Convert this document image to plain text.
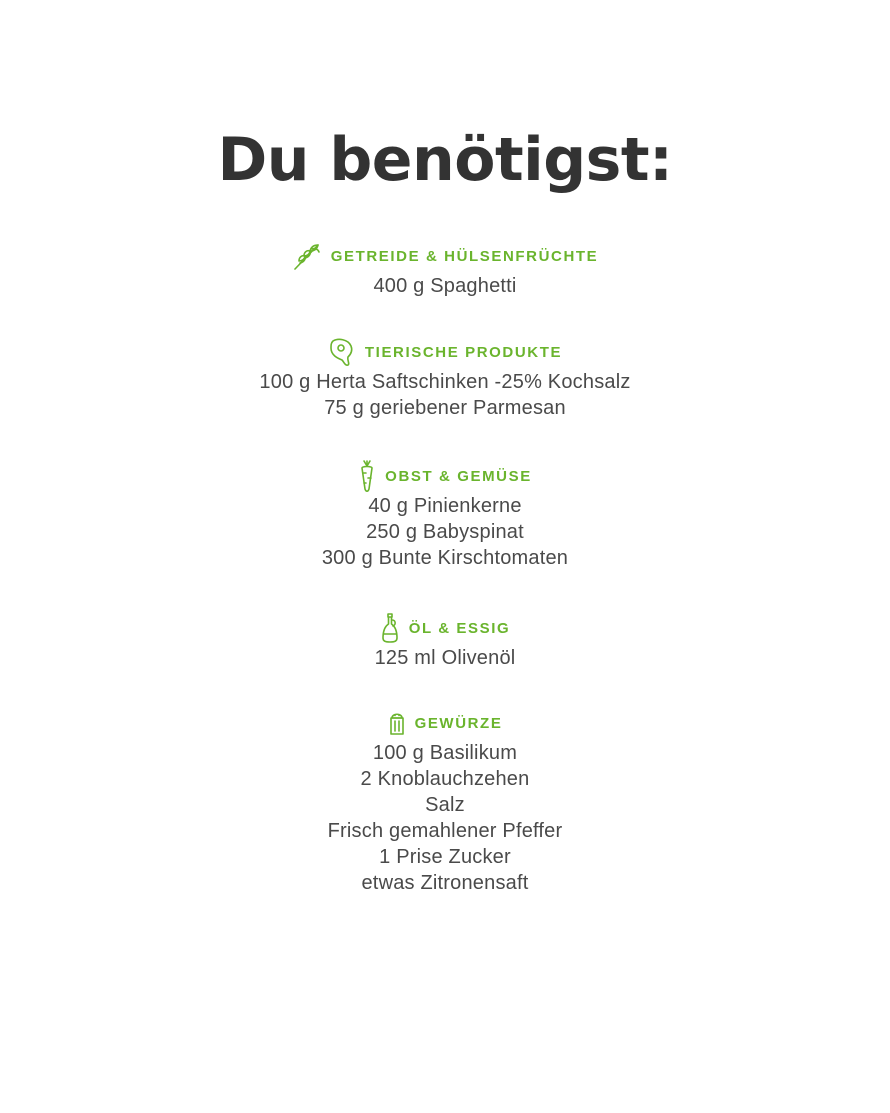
Du benötigst:
GETREIDE & HÜLSENFRÜCHTE
400 g Spaghetti
TIERISCHE PRODUKTE
100 g Herta Saftschinken -25% Kochsalz
75 g geriebener Parmesan
OBST & GEMÜSE
40 g Pinienkerne
250 g Babyspinat
300 g Bunte Kirschtomaten
ÖL & ESSIG
125 ml Olivenöl
GEWÜRZE
100 g Basilikum
2 Knoblauchzehen
Salz
Frisch gemahlener Pfeffer
1 Prise Zucker
etwas Zitronensaft
